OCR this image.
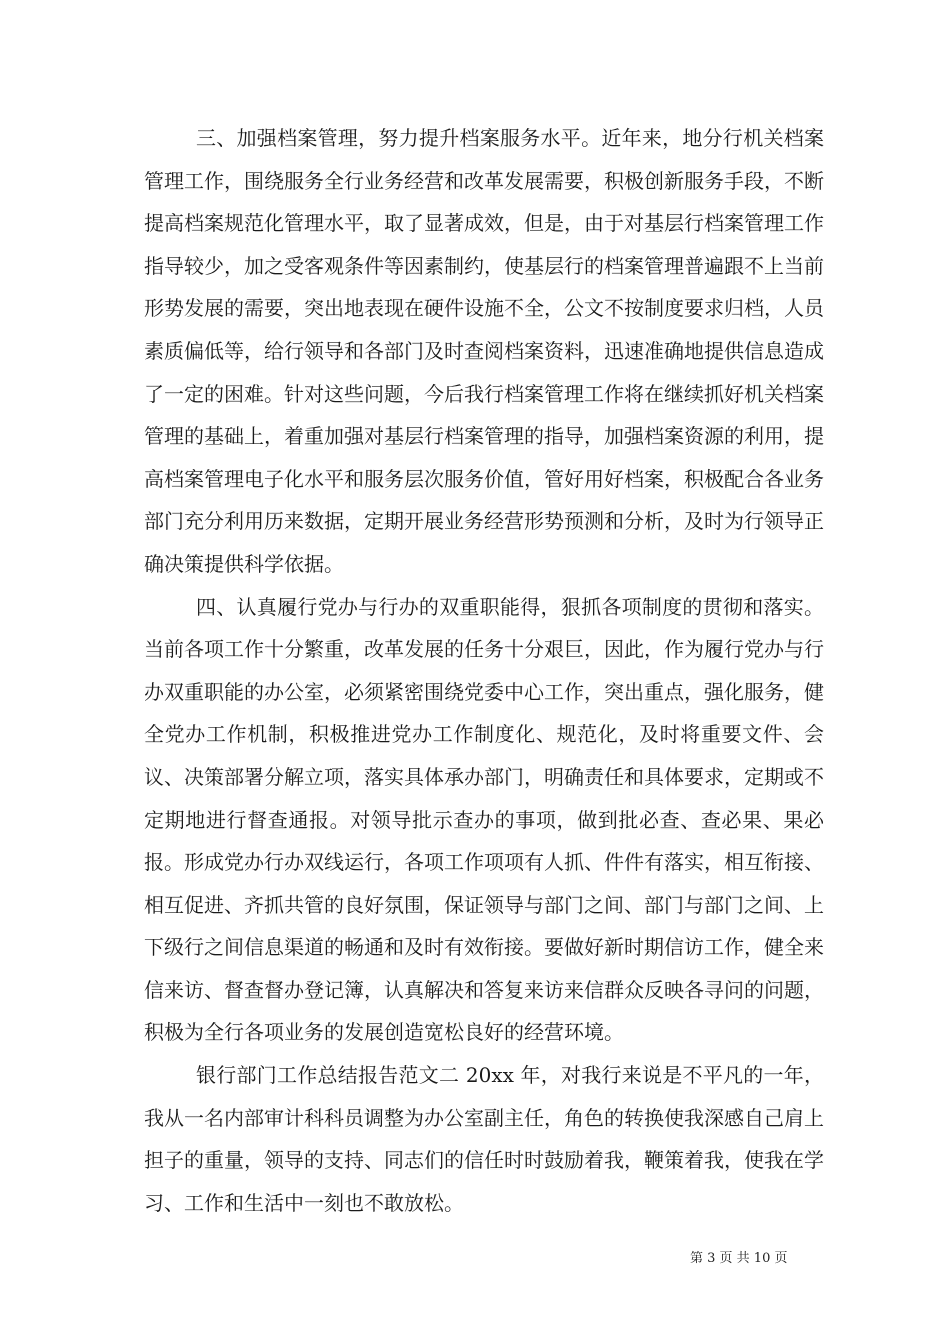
三、加强档案管理，努力提升档案服务水平。近年来，地分行机关档案管理工作，围绕服务全行业务经营和改革发展需要，积极创新服务手段，不断提高档案规范化管理水平，取了显著成效，但是，由于对基层行档案管理工作指导较少，加之受客观条件等因素制约，使基层行的档案管理普遍跟不上当前形势发展的需要，突出地表现在硬件设施不全，公文不按制度要求归档，人员素质偏低等，给行领导和各部门及时查阅档案资料，迅速准确地提供信息造成了一定的困难。针对这些问题，今后我行档案管理工作将在继续抓好机关档案管理的基础上，着重加强对基层行档案管理的指导，加强档案资源的利用，提高档案管理电子化水平和服务层次服务价值，管好用好档案，积极配合各业务部门充分利用历来数据，定期开展业务经营形势预测和分析，及时为行领导正确决策提供科学依据。

四、认真履行党办与行办的双重职能得，狠抓各项制度的贯彻和落实。当前各项工作十分繁重，改革发展的任务十分艰巨，因此，作为履行党办与行办双重职能的办公室，必须紧密围绕党委中心工作，突出重点，强化服务，健全党办工作机制，积极推进党办工作制度化、规范化，及时将重要文件、会议、决策部署分解立项，落实具体承办部门，明确责任和具体要求，定期或不定期地进行督查通报。对领导批示查办的事项，做到批必查、查必果、果必报。形成党办行办双线运行，各项工作项项有人抓、件件有落实，相互衔接、相互促进、齐抓共管的良好氛围，保证领导与部门之间、部门与部门之间、上下级行之间信息渠道的畅通和及时有效衔接。要做好新时期信访工作，健全来信来访、督查督办登记簿，认真解决和答复来访来信群众反映各寻问的问题，积极为全行各项业务的发展创造宽松良好的经营环境。

银行部门工作总结报告范文二 20xx 年，对我行来说是不平凡的一年，我从一名内部审计科科员调整为办公室副主任，角色的转换使我深感自己肩上担子的重量，领导的支持、同志们的信任时时鼓励着我，鞭策着我，使我在学习、工作和生活中一刻也不敢放松。

第 3 页 共 10 页
